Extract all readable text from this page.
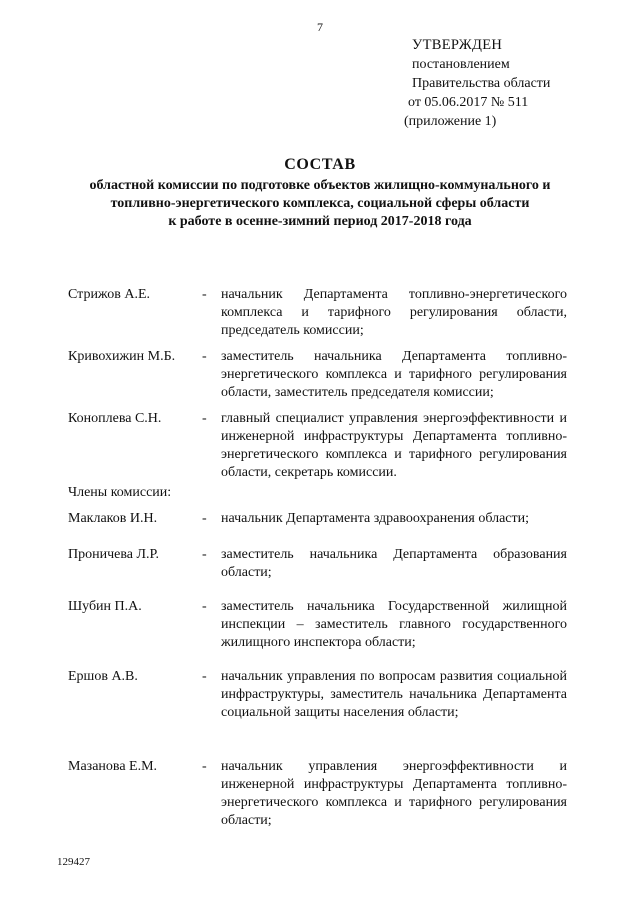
7
УТВЕРЖДЕН
постановлением
Правительства области
от 05.06.2017 № 511
(приложение 1)
СОСТАВ
областной комиссии по подготовке объектов жилищно-коммунального и
топливно-энергетического комплекса, социальной сферы области
к работе в осенне-зимний период 2017-2018 года
Стрижов А.Е.	- начальник Департамента топливно-энергетического комплекса и тарифного регулирования области, председатель комиссии;
Кривохижин М.Б. - заместитель начальника Департамента топливно-энергетического комплекса и тарифного регулирования области, заместитель председателя комиссии;
Коноплева С.Н.	- главный специалист управления энергоэффективности и инженерной инфраструктуры Департамента топливно-энергетического комплекса и тарифного регулирования области, секретарь комиссии.
Члены комиссии:
Маклаков И.Н.	- начальник Департамента здравоохранения области;
Проничева Л.Р.	- заместитель начальника Департамента образования области;
Шубин П.А.	- заместитель начальника Государственной жилищной инспекции – заместитель главного государственного жилищного инспектора области;
Ершов А.В.	- начальник управления по вопросам развития социальной инфраструктуры, заместитель начальника Департамента социальной защиты населения области;
Мазанова Е.М.	- начальник управления энергоэффективности и инженерной инфраструктуры Департамента топливно-энергетического комплекса и тарифного регулирования области;
129427
